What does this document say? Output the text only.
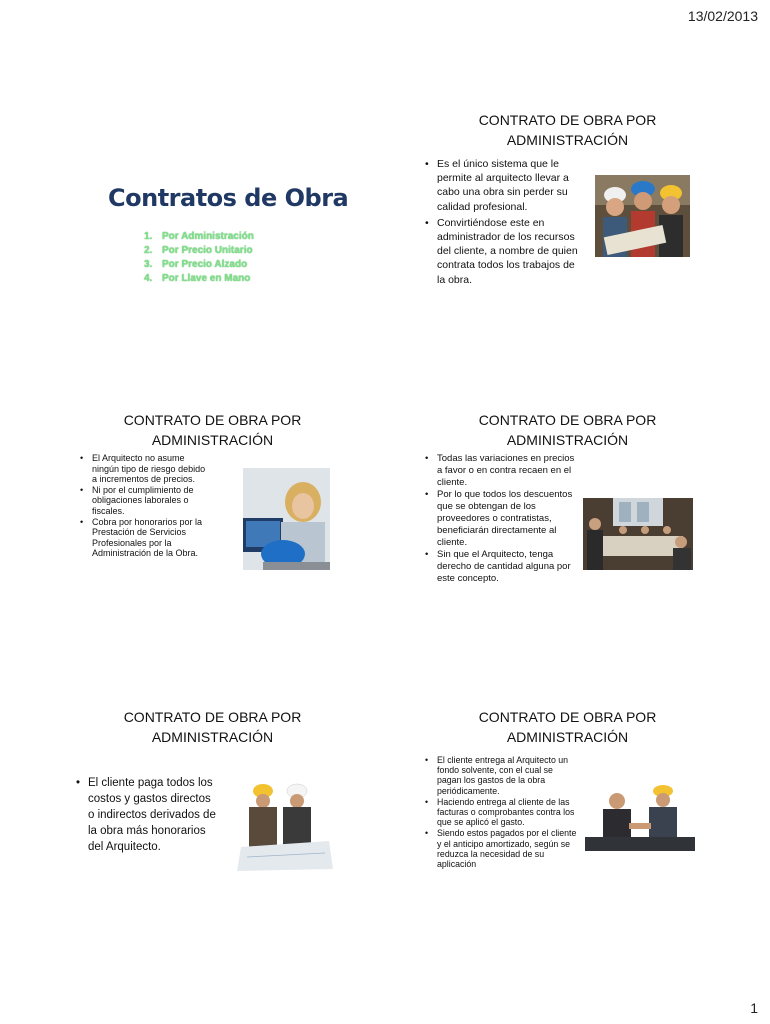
13/02/2013
Contratos de Obra
1. Por Administración
2. Por Precio Unitario
3. Por Precio Alzado
4. Por Llave en Mano
CONTRATO DE OBRA POR
ADMINISTRACIÓN
• Es el único sistema que le permite al arquitecto llevar a cabo una obra sin perder su calidad profesional.
• Convirtiéndose este en administrador de los recursos del cliente, a nombre de quien contrata todos los trabajos de la obra.
CONTRATO DE OBRA POR
ADMINISTRACIÓN
• El Arquitecto no asume ningún tipo de riesgo debido a incrementos de precios.
• Ni por el cumplimiento de obligaciones laborales o fiscales.
• Cobra por honorarios por la Prestación de Servicios Profesionales por la Administración de la Obra.
CONTRATO DE OBRA POR
ADMINISTRACIÓN
• Todas las variaciones en precios a favor o en contra recaen en el cliente.
• Por lo que todos los descuentos que se obtengan de los proveedores o contratistas, beneficiarán directamente al cliente.
• Sin que el Arquitecto, tenga derecho de cantidad alguna por este concepto.
CONTRATO DE OBRA POR
ADMINISTRACIÓN
• El cliente paga todos los costos y gastos directos o indirectos derivados de la obra más honorarios del Arquitecto.
CONTRATO DE OBRA POR
ADMINISTRACIÓN
• El cliente entrega al Arquitecto un fondo solvente, con el cual se pagan los gastos de la obra periódicamente.
• Haciendo entrega al cliente de las facturas o comprobantes contra los que se aplicó el gasto.
• Siendo estos pagados por el cliente y el anticipo amortizado, según se reduzca la necesidad de su aplicación
1
